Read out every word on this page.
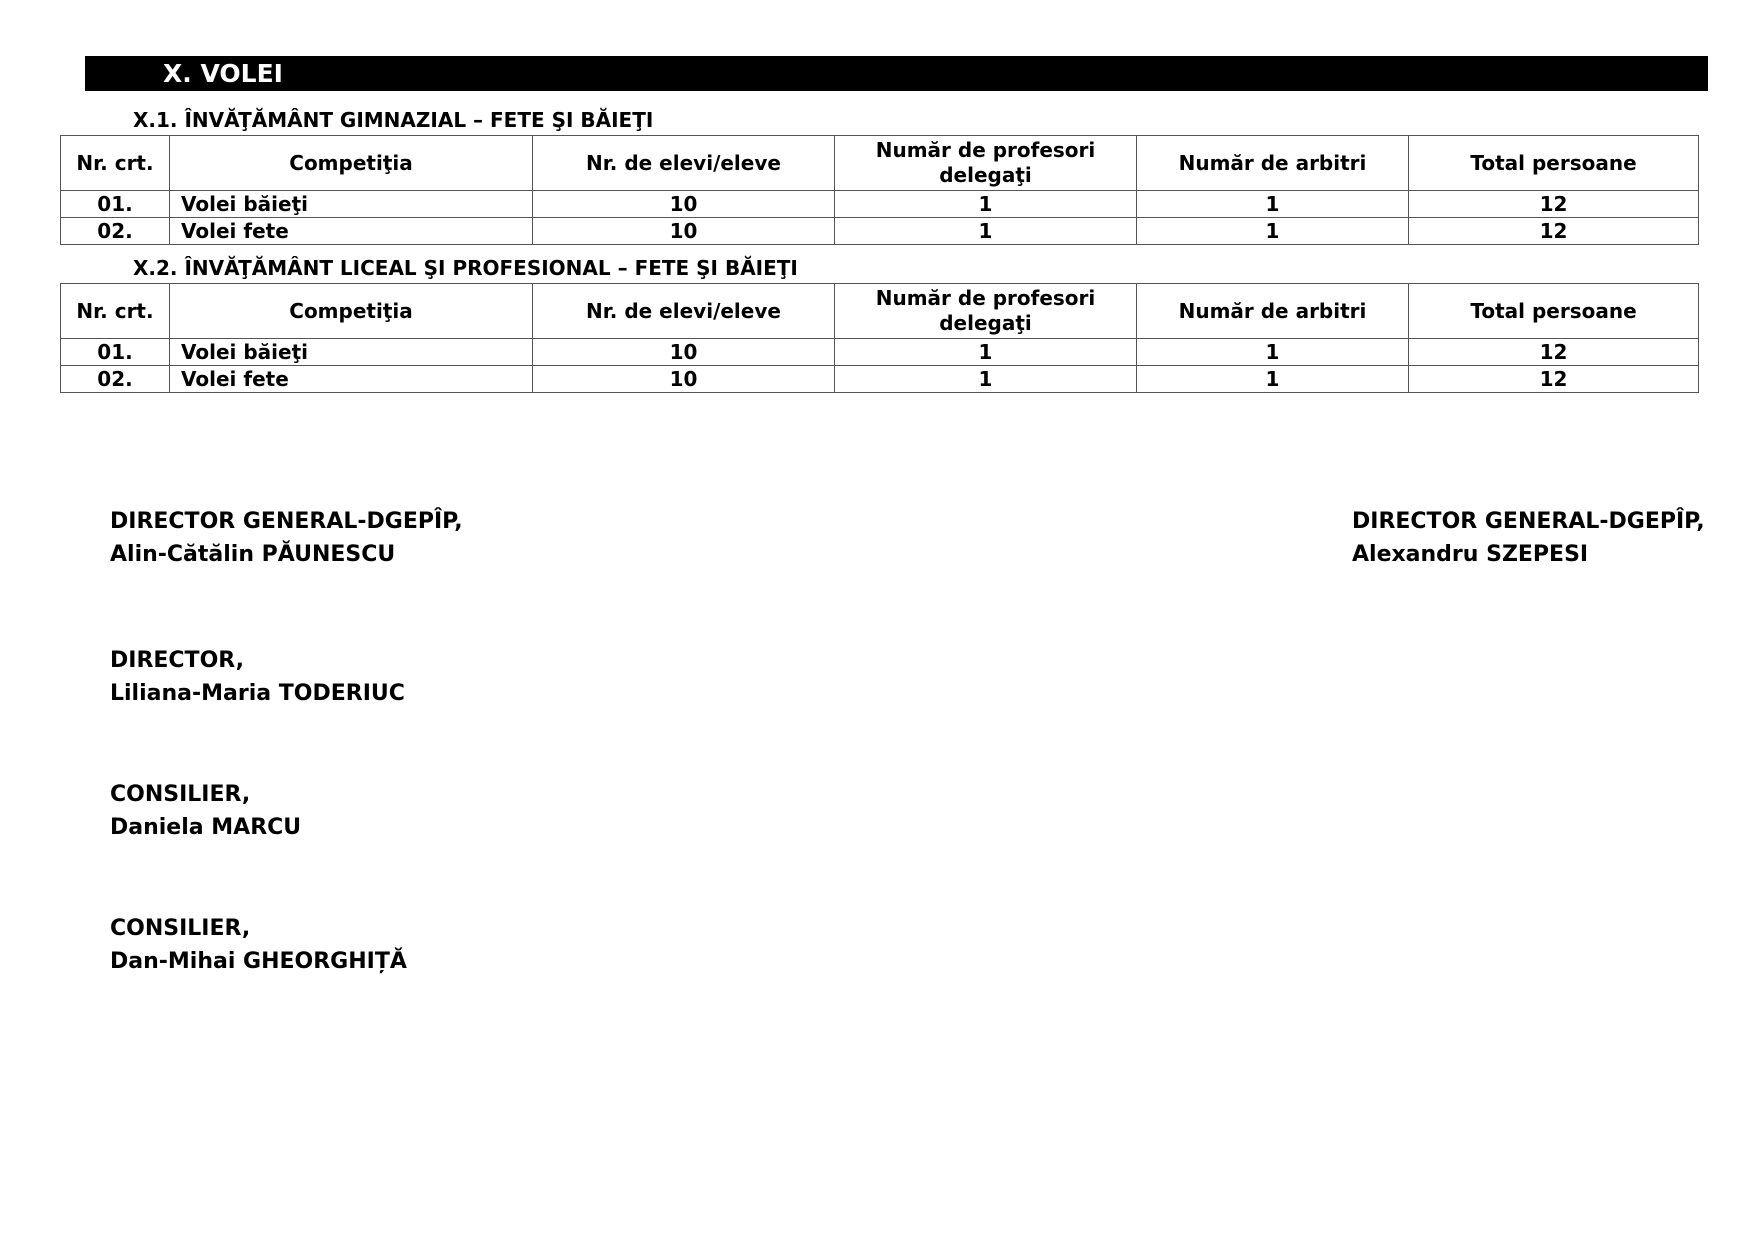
X. VOLEI
X.1. ÎNVĂŢĂMÂNT GIMNAZIAL – FETE ŞI BĂIEŢI
Nr. crt.	Competiţia	Nr. de elevi/eleve	Număr de profesori delegaţi	Număr de arbitri	Total persoane
01.	Volei băieţi	10	1	1	12
02.	Volei fete	10	1	1	12
X.2. ÎNVĂŢĂMÂNT LICEAL ŞI PROFESIONAL – FETE ŞI BĂIEŢI
Nr. crt.	Competiţia	Nr. de elevi/eleve	Număr de profesori delegaţi	Număr de arbitri	Total persoane
01.	Volei băieţi	10	1	1	12
02.	Volei fete	10	1	1	12
DIRECTOR GENERAL-DGEPÎP,
Alin-Cătălin PĂUNESCU
DIRECTOR GENERAL-DGEPÎP,
Alexandru SZEPESI
DIRECTOR,
Liliana-Maria TODERIUC
CONSILIER,
Daniela MARCU
CONSILIER,
Dan-Mihai GHEORGHIȚĂ
